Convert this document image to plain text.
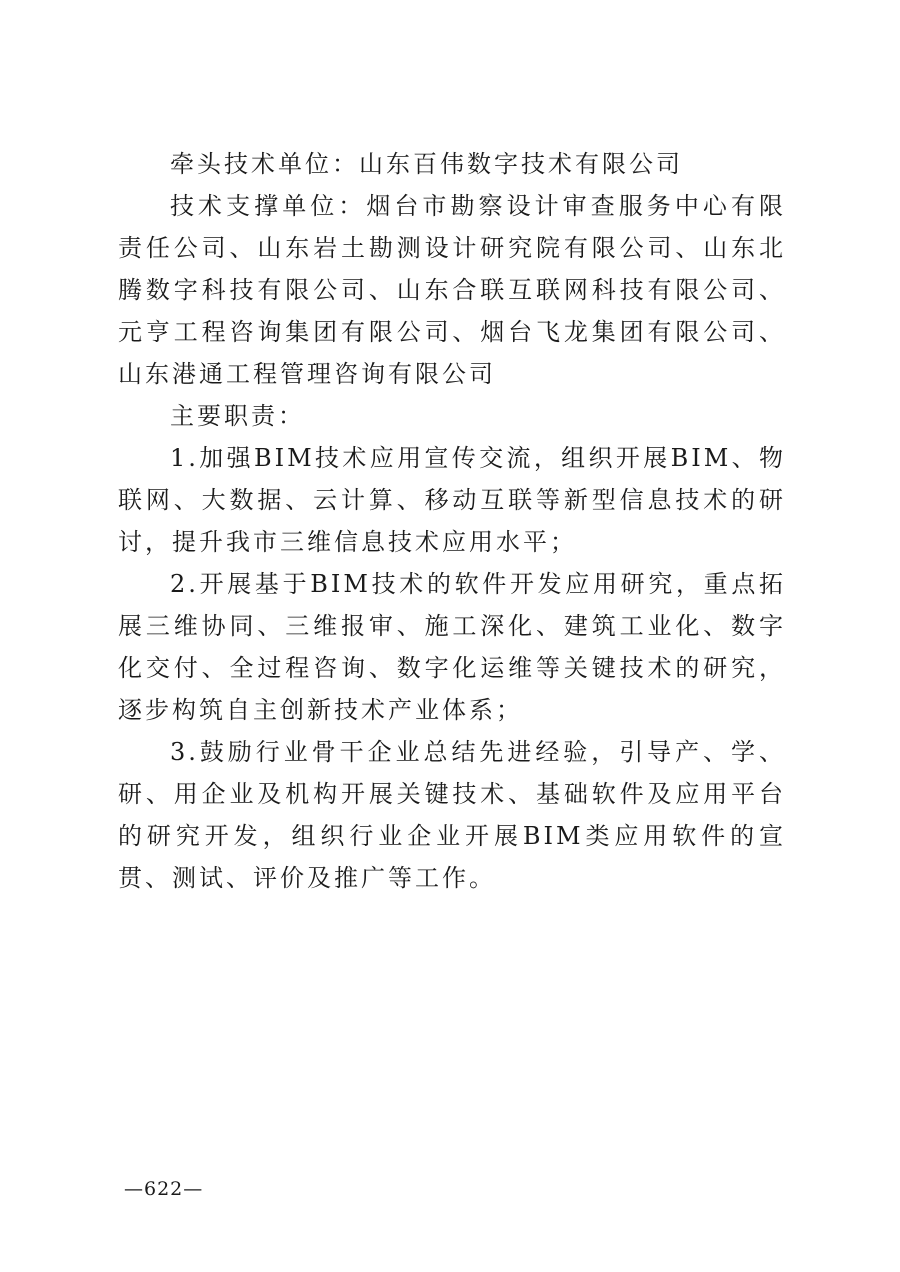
牵头技术单位：山东百伟数字技术有限公司

技术支撑单位：烟台市勘察设计审查服务中心有限责任公司、山东岩土勘测设计研究院有限公司、山东北腾数字科技有限公司、山东合联互联网科技有限公司、元亨工程咨询集团有限公司、烟台飞龙集团有限公司、山东港通工程管理咨询有限公司

主要职责：

1.加强BIM技术应用宣传交流，组织开展BIM、物联网、大数据、云计算、移动互联等新型信息技术的研讨，提升我市三维信息技术应用水平；

2.开展基于BIM技术的软件开发应用研究，重点拓展三维协同、三维报审、施工深化、建筑工业化、数字化交付、全过程咨询、数字化运维等关键技术的研究，逐步构筑自主创新技术产业体系；

3.鼓励行业骨干企业总结先进经验，引导产、学、研、用企业及机构开展关键技术、基础软件及应用平台的研究开发，组织行业企业开展BIM类应用软件的宣贯、测试、评价及推广等工作。

—622—
